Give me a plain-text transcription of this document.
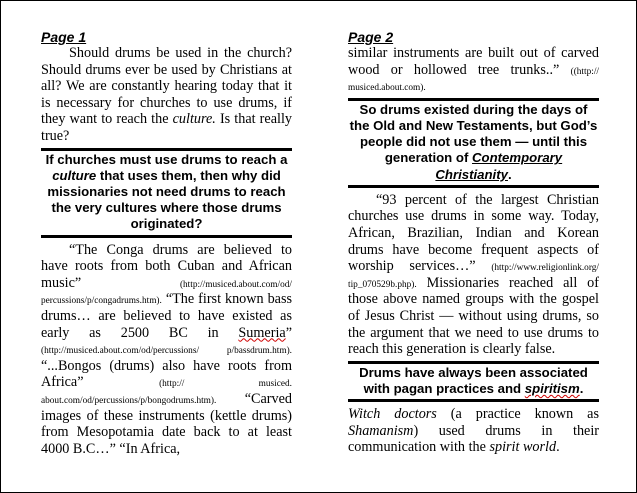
Page 1

Should drums be used in the church? Should drums ever be used by Christians at all? We are constantly hearing today that it is necessary for churches to use drums, if they want to reach the culture. Is that really true?

If churches must use drums to reach a culture that uses them, then why did missionaries not need drums to reach the very cultures where those drums originated?

“The Conga drums are believed to have roots from both Cuban and African music”	(http://musiced.about.com/od/ percussions/p/congadrums.htm). “The first known bass drums… are believed to have existed as early as 2500 BC in Sumeria” (http://musiced.about.com/od/percussions/ p/bassdrum.htm). “...Bongos (drums) also have roots from Africa”	(http:// musiced. about.com/od/percussions/p/bongodrums.htm). “Carved images of these instruments (kettle drums) from Mesopotamia date back to at least 4000 B.C…” “In Africa,

Page 2

similar instruments are built out of carved wood or hollowed tree trunks..” ((http:// musiced.about.com).

So drums existed during the days of the Old and New Testaments, but God’s people did not use them — until this generation of Contemporary Christianity.

“93 percent of the largest Christian churches use drums in some way. Today, African, Brazilian, Indian and Korean drums have become frequent aspects of worship services…” (http://www.religionlink.org/ tip_070529b.php). Missionaries reached all of those above named groups with the gospel of Jesus Christ — without using drums, so the argument that we need to use drums to reach this generation is clearly false.

Drums have always been associated with pagan practices and spiritism.

Witch doctors (a practice known as Shamanism) used drums in their communication with the spirit world.
